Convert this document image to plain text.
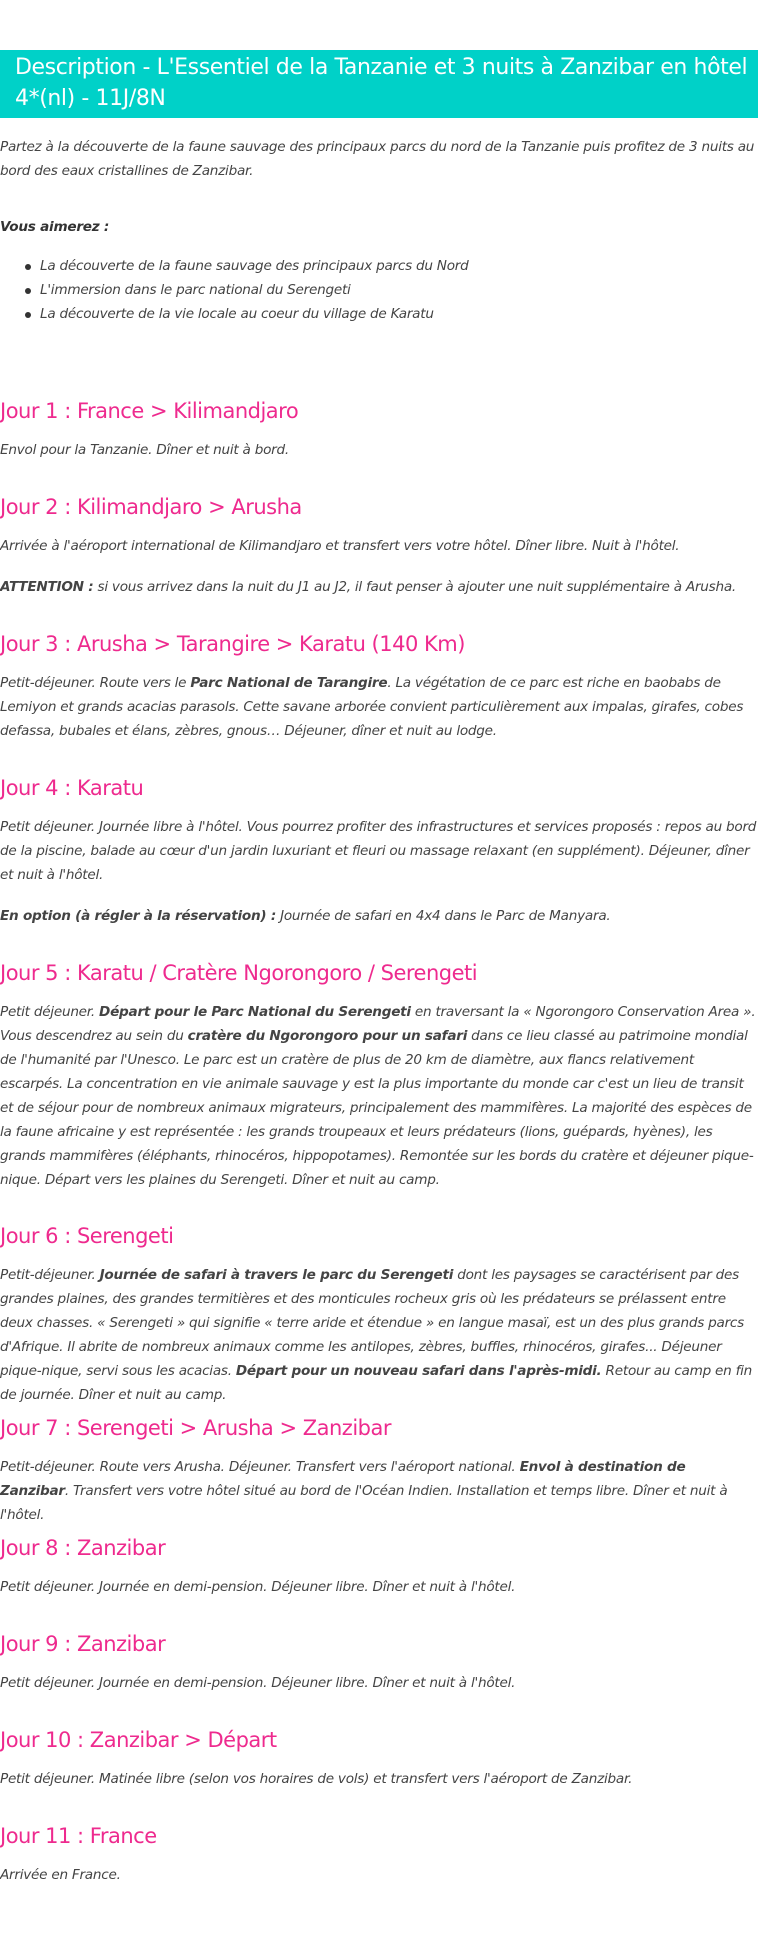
Description - L'Essentiel de la Tanzanie et 3 nuits à Zanzibar en hôtel 4*(nl) - 11J/8N

Partez à la découverte de la faune sauvage des principaux parcs du nord de la Tanzanie puis profitez de 3 nuits au bord des eaux cristallines de Zanzibar.

Vous aimerez :

La découverte de la faune sauvage des principaux parcs du Nord
L'immersion dans le parc national du Serengeti
La découverte de la vie locale au coeur du village de Karatu
Jour 1 : France > Kilimandjaro

Envol pour la Tanzanie. Dîner et nuit à bord.

Jour 2 : Kilimandjaro > Arusha

Arrivée à l'aéroport international de Kilimandjaro et transfert vers votre hôtel. Dîner libre. Nuit à l'hôtel.

ATTENTION : si vous arrivez dans la nuit du J1 au J2, il faut penser à ajouter une nuit supplémentaire à Arusha.

Jour 3 : Arusha > Tarangire > Karatu (140 Km)

Petit-déjeuner. Route vers le Parc National de Tarangire. La végétation de ce parc est riche en baobabs de Lemiyon et grands acacias parasols. Cette savane arborée convient particulièrement aux impalas, girafes, cobes defassa, bubales et élans, zèbres, gnous… Déjeuner, dîner et nuit au lodge.

Jour 4 : Karatu

Petit déjeuner. Journée libre à l'hôtel. Vous pourrez profiter des infrastructures et services proposés : repos au bord de la piscine, balade au cœur d'un jardin luxuriant et fleuri ou massage relaxant (en supplément). Déjeuner, dîner et nuit à l'hôtel.

En option (à régler à la réservation) : Journée de safari en 4x4 dans le Parc de Manyara.

Jour 5 : Karatu / Cratère Ngorongoro / Serengeti

Petit déjeuner. Départ pour le Parc National du Serengeti en traversant la « Ngorongoro Conservation Area ». Vous descendrez au sein du cratère du Ngorongoro pour un safari dans ce lieu classé au patrimoine mondial de l'humanité par l'Unesco. Le parc est un cratère de plus de 20 km de diamètre, aux flancs relativement escarpés. La concentration en vie animale sauvage y est la plus importante du monde car c'est un lieu de transit et de séjour pour de nombreux animaux migrateurs, principalement des mammifères. La majorité des espèces de la faune africaine y est représentée : les grands troupeaux et leurs prédateurs (lions, guépards, hyènes), les grands mammifères (éléphants, rhinocéros, hippopotames). Remontée sur les bords du cratère et déjeuner pique-nique. Départ vers les plaines du Serengeti. Dîner et nuit au camp.

Jour 6 : Serengeti

Petit-déjeuner. Journée de safari à travers le parc du Serengeti dont les paysages se caractérisent par des grandes plaines, des grandes termitières et des monticules rocheux gris où les prédateurs se prélassent entre deux chasses. « Serengeti » qui signifie « terre aride et étendue » en langue masaï, est un des plus grands parcs d'Afrique. Il abrite de nombreux animaux comme les antilopes, zèbres, buffles, rhinocéros, girafes... Déjeuner pique-nique, servi sous les acacias. Départ pour un nouveau safari dans l'après-midi. Retour au camp en fin de journée. Dîner et nuit au camp.

Jour 7 : Serengeti > Arusha > Zanzibar

Petit-déjeuner. Route vers Arusha. Déjeuner. Transfert vers l'aéroport national. Envol à destination de Zanzibar. Transfert vers votre hôtel situé au bord de l'Océan Indien. Installation et temps libre. Dîner et nuit à l'hôtel.

Jour 8 : Zanzibar

Petit déjeuner. Journée en demi-pension. Déjeuner libre. Dîner et nuit à l'hôtel.

Jour 9 : Zanzibar

Petit déjeuner. Journée en demi-pension. Déjeuner libre. Dîner et nuit à l'hôtel.

Jour 10 : Zanzibar > Départ

Petit déjeuner. Matinée libre (selon vos horaires de vols) et transfert vers l'aéroport de Zanzibar.

Jour 11 : France

Arrivée en France.
